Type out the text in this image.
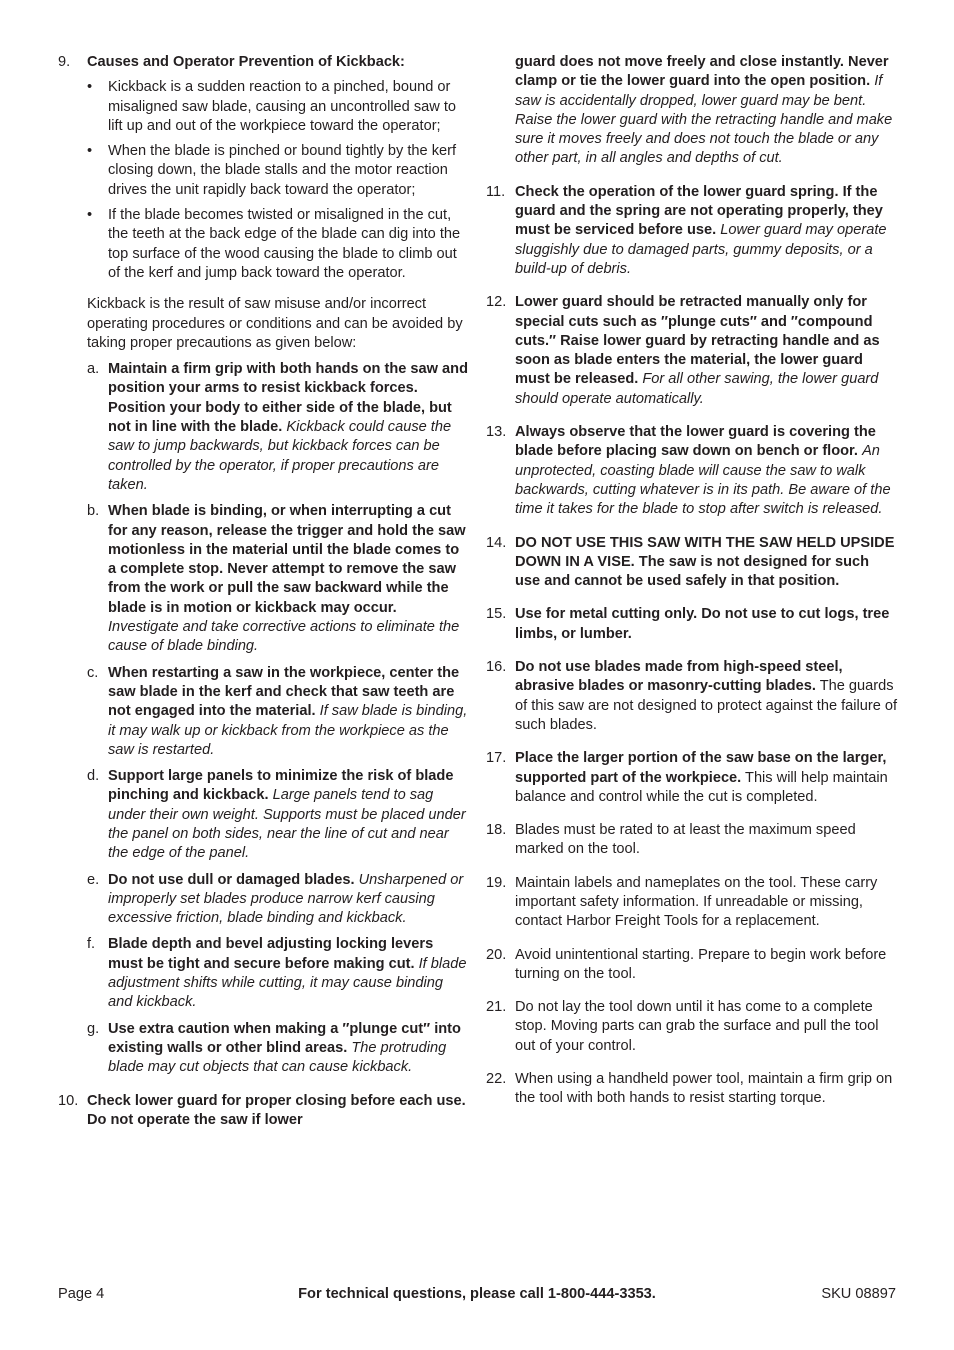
9. Causes and Operator Prevention of Kickback:
• Kickback is a sudden reaction to a pinched, bound or misaligned saw blade, causing an uncontrolled saw to lift up and out of the workpiece toward the operator;
• When the blade is pinched or bound tightly by the kerf closing down, the blade stalls and the motor reaction drives the unit rapidly back toward the operator;
• If the blade becomes twisted or misaligned in the cut, the teeth at the back edge of the blade can dig into the top surface of the wood causing the blade to climb out of the kerf and jump back toward the operator.
Kickback is the result of saw misuse and/or incorrect operating procedures or conditions and can be avoided by taking proper precautions as given below:
a. Maintain a firm grip with both hands on the saw and position your arms to resist kickback forces. Position your body to either side of the blade, but not in line with the blade. Kickback could cause the saw to jump backwards, but kickback forces can be controlled by the operator, if proper precautions are taken.
b. When blade is binding, or when interrupting a cut for any reason, release the trigger and hold the saw motionless in the material until the blade comes to a complete stop. Never attempt to remove the saw from the work or pull the saw backward while the blade is in motion or kickback may occur. Investigate and take corrective actions to eliminate the cause of blade binding.
c. When restarting a saw in the workpiece, center the saw blade in the kerf and check that saw teeth are not engaged into the material. If saw blade is binding, it may walk up or kickback from the workpiece as the saw is restarted.
d. Support large panels to minimize the risk of blade pinching and kickback. Large panels tend to sag under their own weight. Supports must be placed under the panel on both sides, near the line of cut and near the edge of the panel.
e. Do not use dull or damaged blades. Unsharpened or improperly set blades produce narrow kerf causing excessive friction, blade binding and kickback.
f. Blade depth and bevel adjusting locking levers must be tight and secure before making cut. If blade adjustment shifts while cutting, it may cause binding and kickback.
g. Use extra caution when making a ″plunge cut″ into existing walls or other blind areas. The protruding blade may cut objects that can cause kickback.
10. Check lower guard for proper closing before each use. Do not operate the saw if lower
guard does not move freely and close instantly. Never clamp or tie the lower guard into the open position. If saw is accidentally dropped, lower guard may be bent. Raise the lower guard with the retracting handle and make sure it moves freely and does not touch the blade or any other part, in all angles and depths of cut.
11. Check the operation of the lower guard spring. If the guard and the spring are not operating properly, they must be serviced before use. Lower guard may operate sluggishly due to damaged parts, gummy deposits, or a build-up of debris.
12. Lower guard should be retracted manually only for special cuts such as ″plunge cuts″ and ″compound cuts.″ Raise lower guard by retracting handle and as soon as blade enters the material, the lower guard must be released. For all other sawing, the lower guard should operate automatically.
13. Always observe that the lower guard is covering the blade before placing saw down on bench or floor. An unprotected, coasting blade will cause the saw to walk backwards, cutting whatever is in its path. Be aware of the time it takes for the blade to stop after switch is released.
14. DO NOT USE THIS SAW WITH THE SAW HELD UPSIDE DOWN IN A VISE. The saw is not designed for such use and cannot be used safely in that position.
15. Use for metal cutting only. Do not use to cut logs, tree limbs, or lumber.
16. Do not use blades made from high-speed steel, abrasive blades or masonry-cutting blades. The guards of this saw are not designed to protect against the failure of such blades.
17. Place the larger portion of the saw base on the larger, supported part of the workpiece. This will help maintain balance and control while the cut is completed.
18. Blades must be rated to at least the maximum speed marked on the tool.
19. Maintain labels and nameplates on the tool. These carry important safety information. If unreadable or missing, contact Harbor Freight Tools for a replacement.
20. Avoid unintentional starting. Prepare to begin work before turning on the tool.
21. Do not lay the tool down until it has come to a complete stop. Moving parts can grab the surface and pull the tool out of your control.
22. When using a handheld power tool, maintain a firm grip on the tool with both hands to resist starting torque.
Page 4	For technical questions, please call 1-800-444-3353.	SKU 08897
